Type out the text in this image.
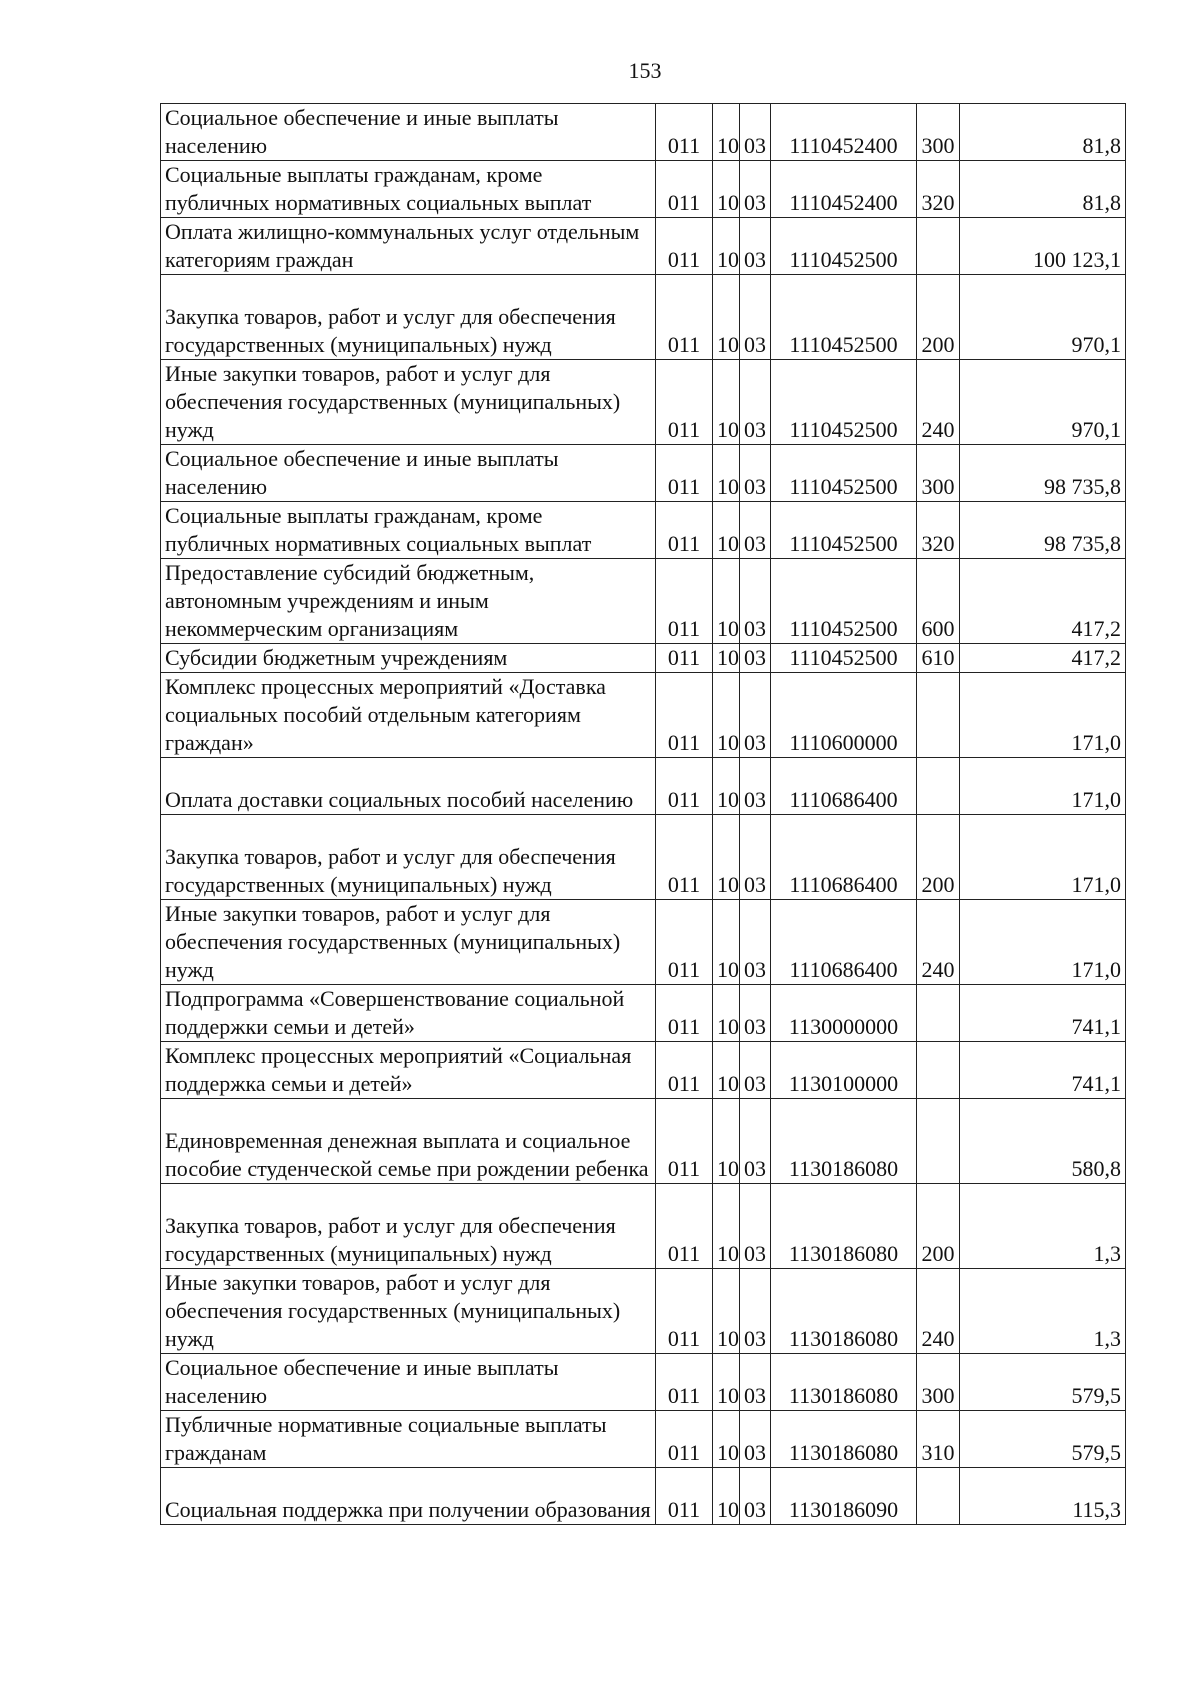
153
Социальное обеспечение и иные выплаты населению	011	10	03	1110452400	300	81,8
Социальные выплаты гражданам, кроме публичных нормативных социальных выплат	011	10	03	1110452400	320	81,8
Оплата жилищно-коммунальных услуг отдельным категориям граждан	011	10	03	1110452500		100 123,1
Закупка товаров, работ и услуг для обеспечения государственных (муниципальных) нужд	011	10	03	1110452500	200	970,1
Иные закупки товаров, работ и услуг для обеспечения государственных (муниципальных) нужд	011	10	03	1110452500	240	970,1
Социальное обеспечение и иные выплаты населению	011	10	03	1110452500	300	98 735,8
Социальные выплаты гражданам, кроме публичных нормативных социальных выплат	011	10	03	1110452500	320	98 735,8
Предоставление субсидий бюджетным, автономным учреждениям и иным некоммерческим организациям	011	10	03	1110452500	600	417,2
Субсидии бюджетным учреждениям	011	10	03	1110452500	610	417,2
Комплекс процессных мероприятий «Доставка социальных пособий отдельным категориям граждан»	011	10	03	1110600000		171,0
Оплата доставки социальных пособий населению	011	10	03	1110686400		171,0
Закупка товаров, работ и услуг для обеспечения государственных (муниципальных) нужд	011	10	03	1110686400	200	171,0
Иные закупки товаров, работ и услуг для обеспечения государственных (муниципальных) нужд	011	10	03	1110686400	240	171,0
Подпрограмма «Совершенствование социальной поддержки семьи и детей»	011	10	03	1130000000		741,1
Комплекс процессных мероприятий «Социальная поддержка семьи и детей»	011	10	03	1130100000		741,1
Единовременная денежная выплата и социальное пособие студенческой семье при рождении ребенка	011	10	03	1130186080		580,8
Закупка товаров, работ и услуг для обеспечения государственных (муниципальных) нужд	011	10	03	1130186080	200	1,3
Иные закупки товаров, работ и услуг для обеспечения государственных (муниципальных) нужд	011	10	03	1130186080	240	1,3
Социальное обеспечение и иные выплаты населению	011	10	03	1130186080	300	579,5
Публичные нормативные социальные выплаты гражданам	011	10	03	1130186080	310	579,5
Социальная поддержка при получении образования	011	10	03	1130186090		115,3
